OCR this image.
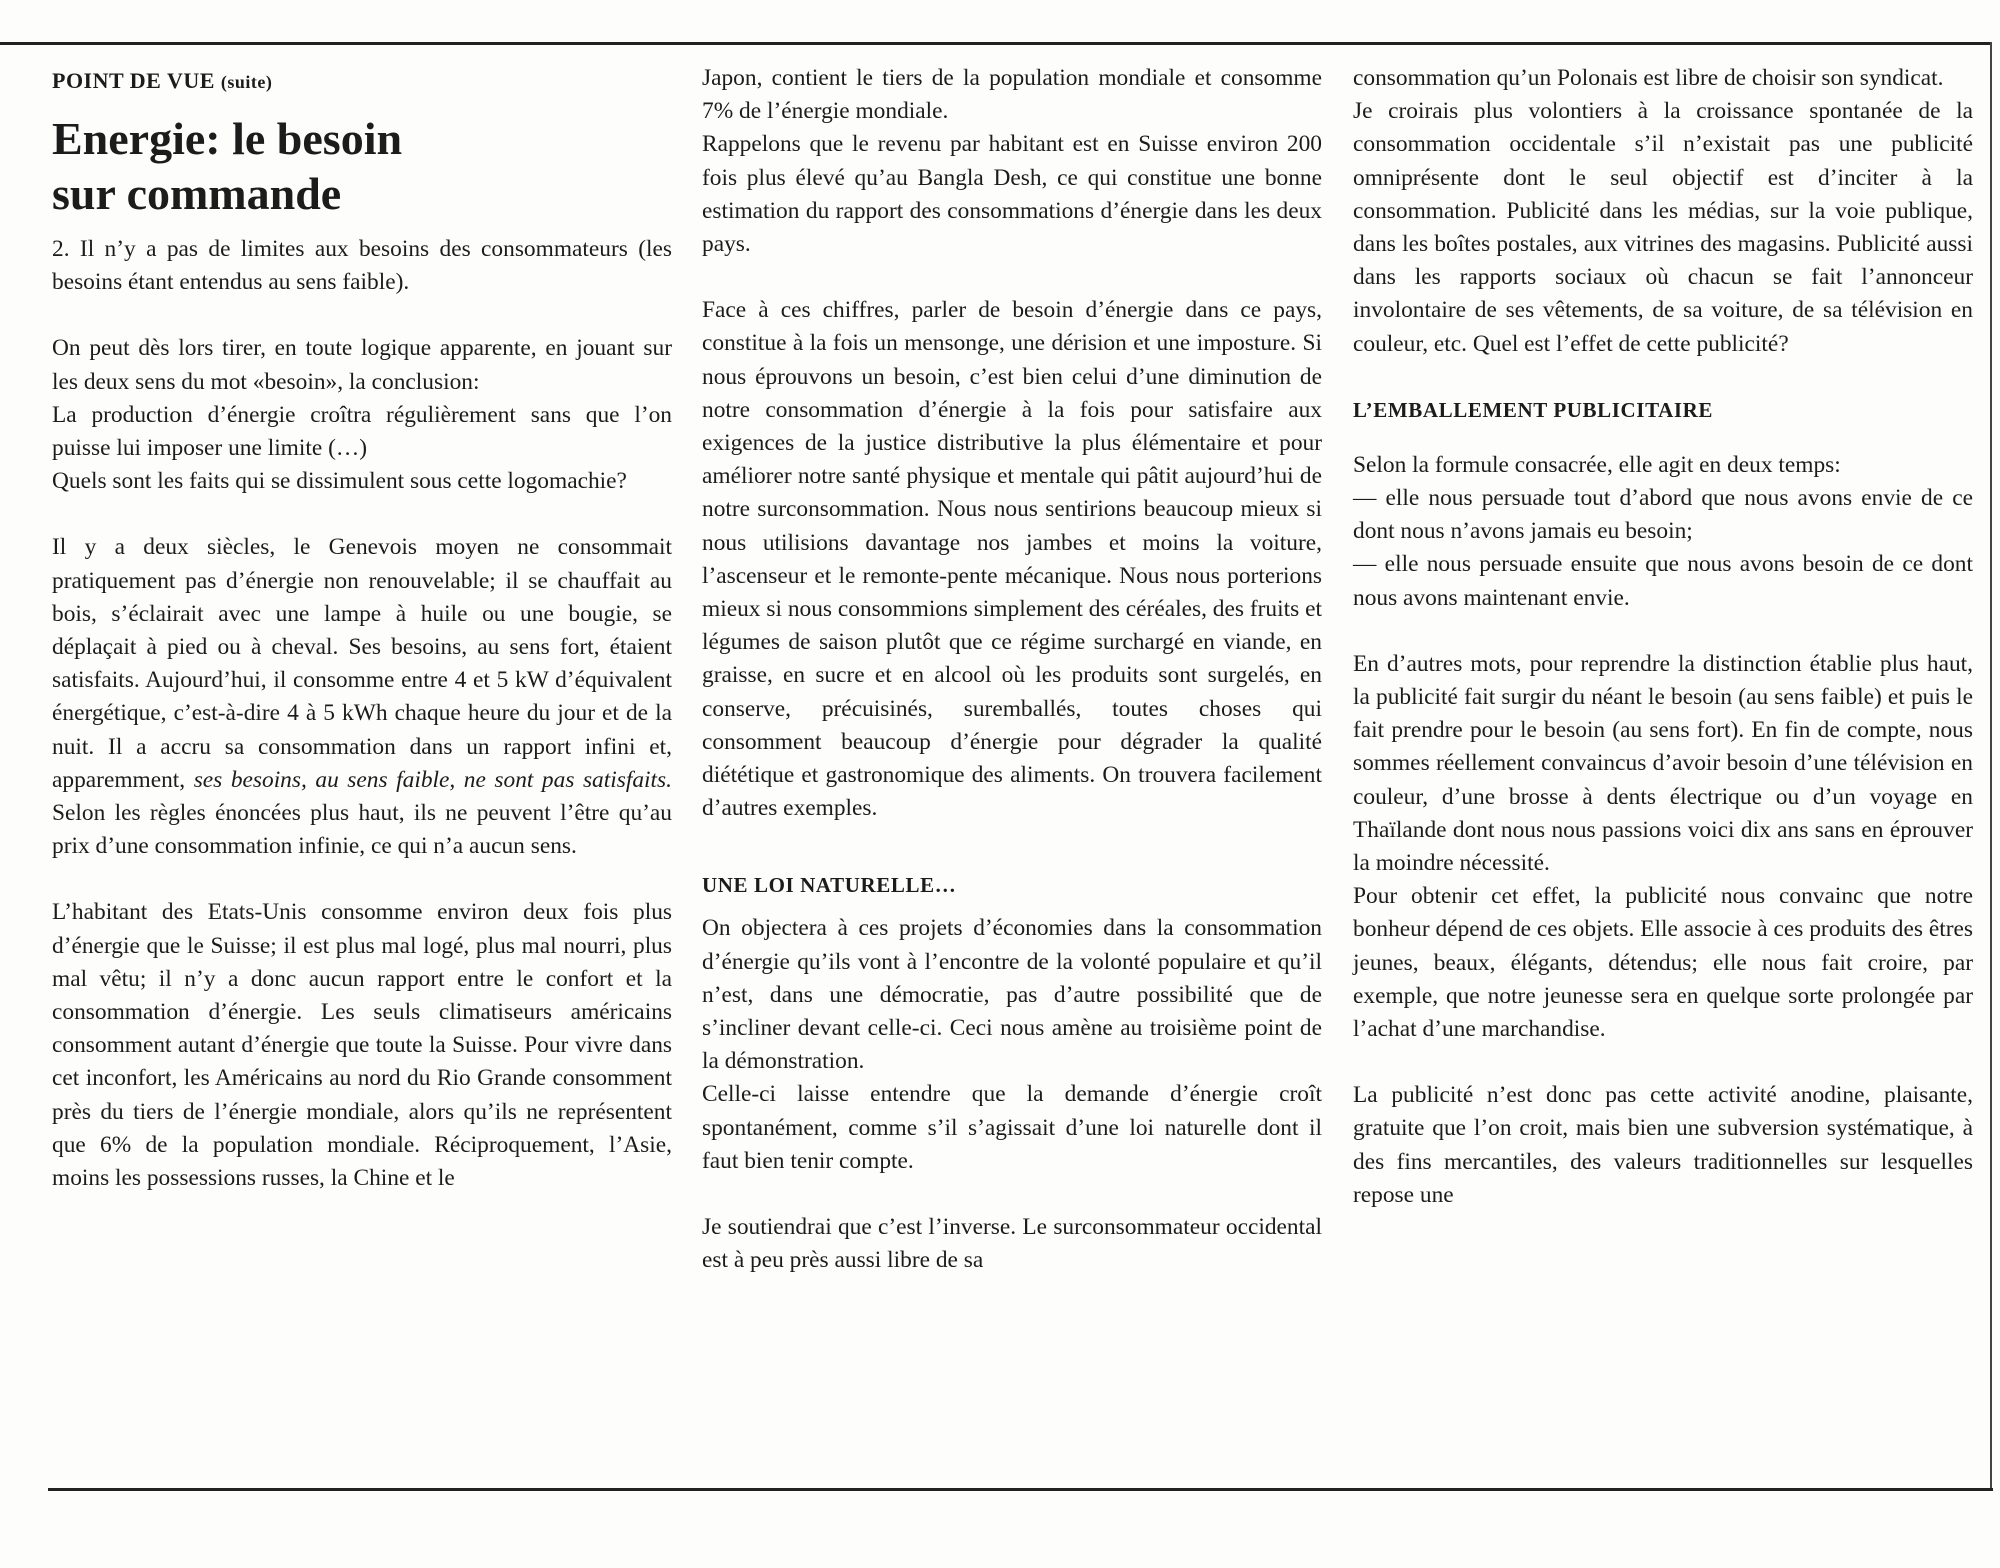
POINT DE VUE (suite)
Energie: le besoin
sur commande

2. Il n’y a pas de limites aux besoins des consommateurs (les besoins étant entendus au sens faible).

On peut dès lors tirer, en toute logique apparente, en jouant sur les deux sens du mot «besoin», la conclusion:

La production d’énergie croîtra régulièrement sans que l’on puisse lui imposer une limite (…)

Quels sont les faits qui se dissimulent sous cette logomachie?

Il y a deux siècles, le Genevois moyen ne consommait pratiquement pas d’énergie non renouvelable; il se chauffait au bois, s’éclairait avec une lampe à huile ou une bougie, se déplaçait à pied ou à cheval. Ses besoins, au sens fort, étaient satisfaits. Aujourd’hui, il consomme entre 4 et 5 kW d’équivalent énergétique, c’est-à-dire 4 à 5 kWh chaque heure du jour et de la nuit. Il a accru sa consommation dans un rapport infini et, apparemment, ses besoins, au sens faible, ne sont pas satisfaits. Selon les règles énoncées plus haut, ils ne peuvent l’être qu’au prix d’une consommation infinie, ce qui n’a aucun sens.

L’habitant des Etats-Unis consomme environ deux fois plus d’énergie que le Suisse; il est plus mal logé, plus mal nourri, plus mal vêtu; il n’y a donc aucun rapport entre le confort et la consommation d’énergie. Les seuls climatiseurs américains consomment autant d’énergie que toute la Suisse. Pour vivre dans cet inconfort, les Américains au nord du Rio Grande consomment près du tiers de l’énergie mondiale, alors qu’ils ne représentent que 6% de la population mondiale. Réciproquement, l’Asie, moins les possessions russes, la Chine et le

Japon, contient le tiers de la population mondiale et consomme 7% de l’énergie mondiale.

Rappelons que le revenu par habitant est en Suisse environ 200 fois plus élevé qu’au Bangla Desh, ce qui constitue une bonne estimation du rapport des consommations d’énergie dans les deux pays.

Face à ces chiffres, parler de besoin d’énergie dans ce pays, constitue à la fois un mensonge, une dérision et une imposture. Si nous éprouvons un besoin, c’est bien celui d’une diminution de notre consommation d’énergie à la fois pour satisfaire aux exigences de la justice distributive la plus élémentaire et pour améliorer notre santé physique et mentale qui pâtit aujourd’hui de notre surconsommation. Nous nous sentirions beaucoup mieux si nous utilisions davantage nos jambes et moins la voiture, l’ascenseur et le remonte-pente mécanique. Nous nous porterions mieux si nous consommions simplement des céréales, des fruits et légumes de saison plutôt que ce régime surchargé en viande, en graisse, en sucre et en alcool où les produits sont surgelés, en conserve, précuisinés, suremballés, toutes choses qui consomment beaucoup d’énergie pour dégrader la qualité diététique et gastronomique des aliments. On trouvera facilement d’autres exemples.

UNE LOI NATURELLE…

On objectera à ces projets d’économies dans la consommation d’énergie qu’ils vont à l’encontre de la volonté populaire et qu’il n’est, dans une démocratie, pas d’autre possibilité que de s’incliner devant celle-ci. Ceci nous amène au troisième point de la démonstration.

Celle-ci laisse entendre que la demande d’énergie croît spontanément, comme s’il s’agissait d’une loi naturelle dont il faut bien tenir compte.

Je soutiendrai que c’est l’inverse. Le surconsommateur occidental est à peu près aussi libre de sa

consommation qu’un Polonais est libre de choisir son syndicat.

Je croirais plus volontiers à la croissance spontanée de la consommation occidentale s’il n’existait pas une publicité omniprésente dont le seul objectif est d’inciter à la consommation. Publicité dans les médias, sur la voie publique, dans les boîtes postales, aux vitrines des magasins. Publicité aussi dans les rapports sociaux où chacun se fait l’annonceur involontaire de ses vêtements, de sa voiture, de sa télévision en couleur, etc. Quel est l’effet de cette publicité?

L’EMBALLEMENT PUBLICITAIRE

Selon la formule consacrée, elle agit en deux temps:

— elle nous persuade tout d’abord que nous avons envie de ce dont nous n’avons jamais eu besoin;

— elle nous persuade ensuite que nous avons besoin de ce dont nous avons maintenant envie.

En d’autres mots, pour reprendre la distinction établie plus haut, la publicité fait surgir du néant le besoin (au sens faible) et puis le fait prendre pour le besoin (au sens fort). En fin de compte, nous sommes réellement convaincus d’avoir besoin d’une télévision en couleur, d’une brosse à dents électrique ou d’un voyage en Thaïlande dont nous nous passions voici dix ans sans en éprouver la moindre nécessité.

Pour obtenir cet effet, la publicité nous convainc que notre bonheur dépend de ces objets. Elle associe à ces produits des êtres jeunes, beaux, élégants, détendus; elle nous fait croire, par exemple, que notre jeunesse sera en quelque sorte prolongée par l’achat d’une marchandise.

La publicité n’est donc pas cette activité anodine, plaisante, gratuite que l’on croit, mais bien une subversion systématique, à des fins mercantiles, des valeurs traditionnelles sur lesquelles repose une
